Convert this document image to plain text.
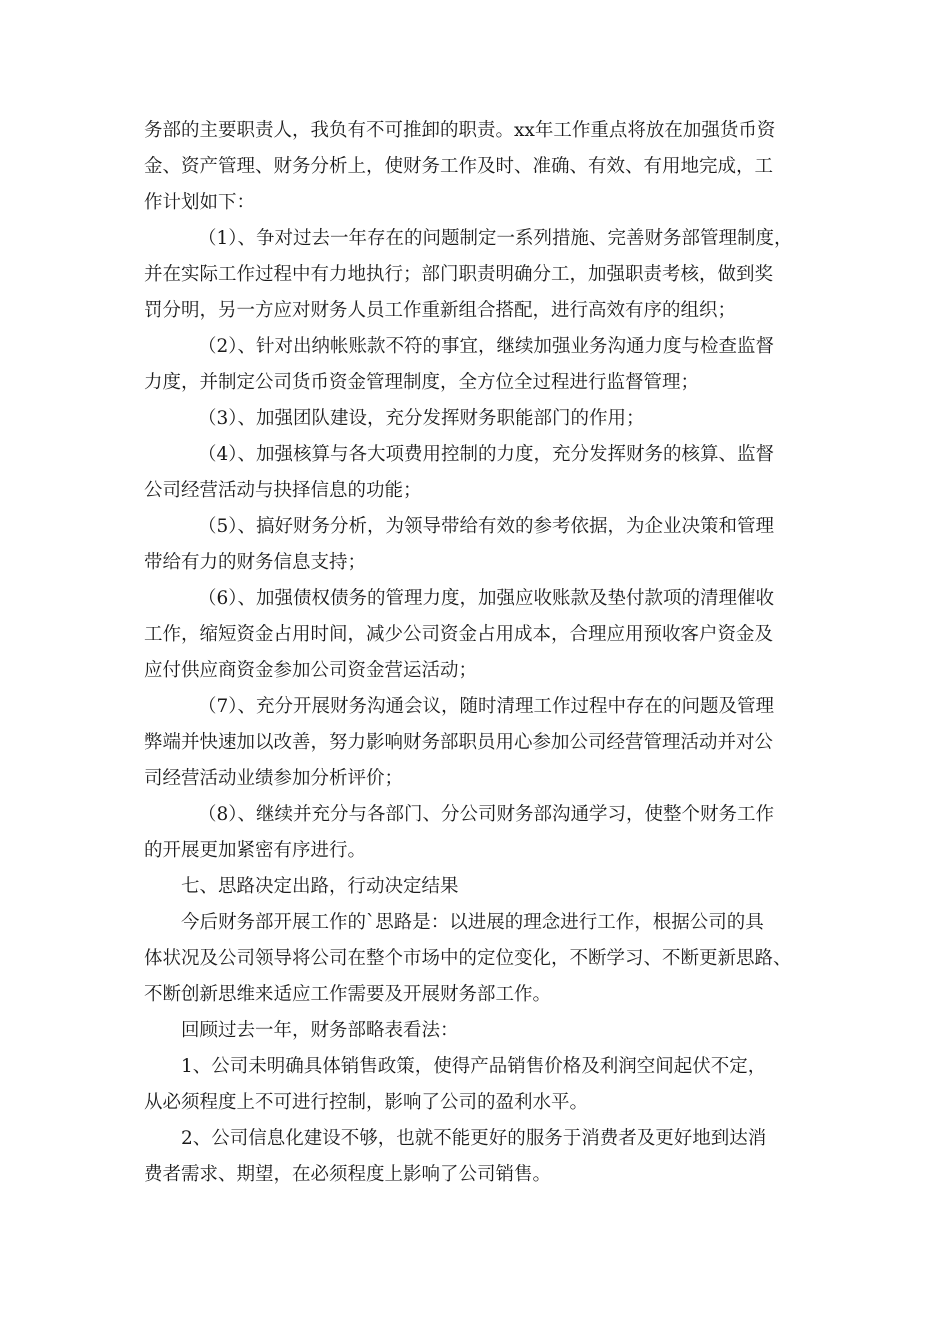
务部的主要职责人，我负有不可推卸的职责。xx年工作重点将放在加强货币资
金、资产管理、财务分析上，使财务工作及时、准确、有效、有用地完成，工
作计划如下：
（1）、争对过去一年存在的问题制定一系列措施、完善财务部管理制度，
并在实际工作过程中有力地执行；部门职责明确分工，加强职责考核，做到奖
罚分明，另一方应对财务人员工作重新组合搭配，进行高效有序的组织；
（2）、针对出纳帐账款不符的事宜，继续加强业务沟通力度与检查监督
力度，并制定公司货币资金管理制度，全方位全过程进行监督管理；
（3）、加强团队建设，充分发挥财务职能部门的作用；
（4）、加强核算与各大项费用控制的力度，充分发挥财务的核算、监督
公司经营活动与抉择信息的功能；
（5）、搞好财务分析，为领导带给有效的参考依据，为企业决策和管理
带给有力的财务信息支持；
（6）、加强债权债务的管理力度，加强应收账款及垫付款项的清理催收
工作，缩短资金占用时间，减少公司资金占用成本，合理应用预收客户资金及
应付供应商资金参加公司资金营运活动；
（7）、充分开展财务沟通会议，随时清理工作过程中存在的问题及管理
弊端并快速加以改善，努力影响财务部职员用心参加公司经营管理活动并对公
司经营活动业绩参加分析评价；
（8）、继续并充分与各部门、分公司财务部沟通学习，使整个财务工作
的开展更加紧密有序进行。
七、思路决定出路，行动决定结果
今后财务部开展工作的`思路是：以进展的理念进行工作，根据公司的具
体状况及公司领导将公司在整个市场中的定位变化，不断学习、不断更新思路、
不断创新思维来适应工作需要及开展财务部工作。
回顾过去一年，财务部略表看法：
1、公司未明确具体销售政策，使得产品销售价格及利润空间起伏不定，
从必须程度上不可进行控制，影响了公司的盈利水平。
2、公司信息化建设不够，也就不能更好的服务于消费者及更好地到达消
费者需求、期望，在必须程度上影响了公司销售。
